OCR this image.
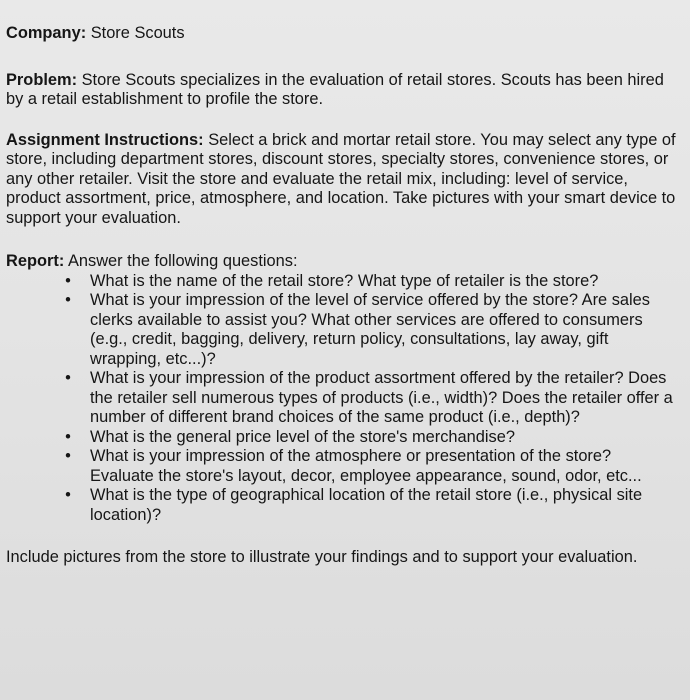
Company: Store Scouts

Problem: Store Scouts specializes in the evaluation of retail stores. Scouts has been hired by a retail establishment to profile the store.

Assignment Instructions: Select a brick and mortar retail store. You may select any type of store, including department stores, discount stores, specialty stores, convenience stores, or any other retailer. Visit the store and evaluate the retail mix, including: level of service, product assortment, price, atmosphere, and location. Take pictures with your smart device to support your evaluation.

Report: Answer the following questions:

• What is the name of the retail store? What type of retailer is the store?
• What is your impression of the level of service offered by the store? Are sales clerks available to assist you? What other services are offered to consumers (e.g., credit, bagging, delivery, return policy, consultations, lay away, gift wrapping, etc...)?
• What is your impression of the product assortment offered by the retailer? Does the retailer sell numerous types of products (i.e., width)? Does the retailer offer a number of different brand choices of the same product (i.e., depth)?
• What is the general price level of the store's merchandise?
• What is your impression of the atmosphere or presentation of the store? Evaluate the store's layout, decor, employee appearance, sound, odor, etc...
• What is the type of geographical location of the retail store (i.e., physical site location)?

Include pictures from the store to illustrate your findings and to support your evaluation.
